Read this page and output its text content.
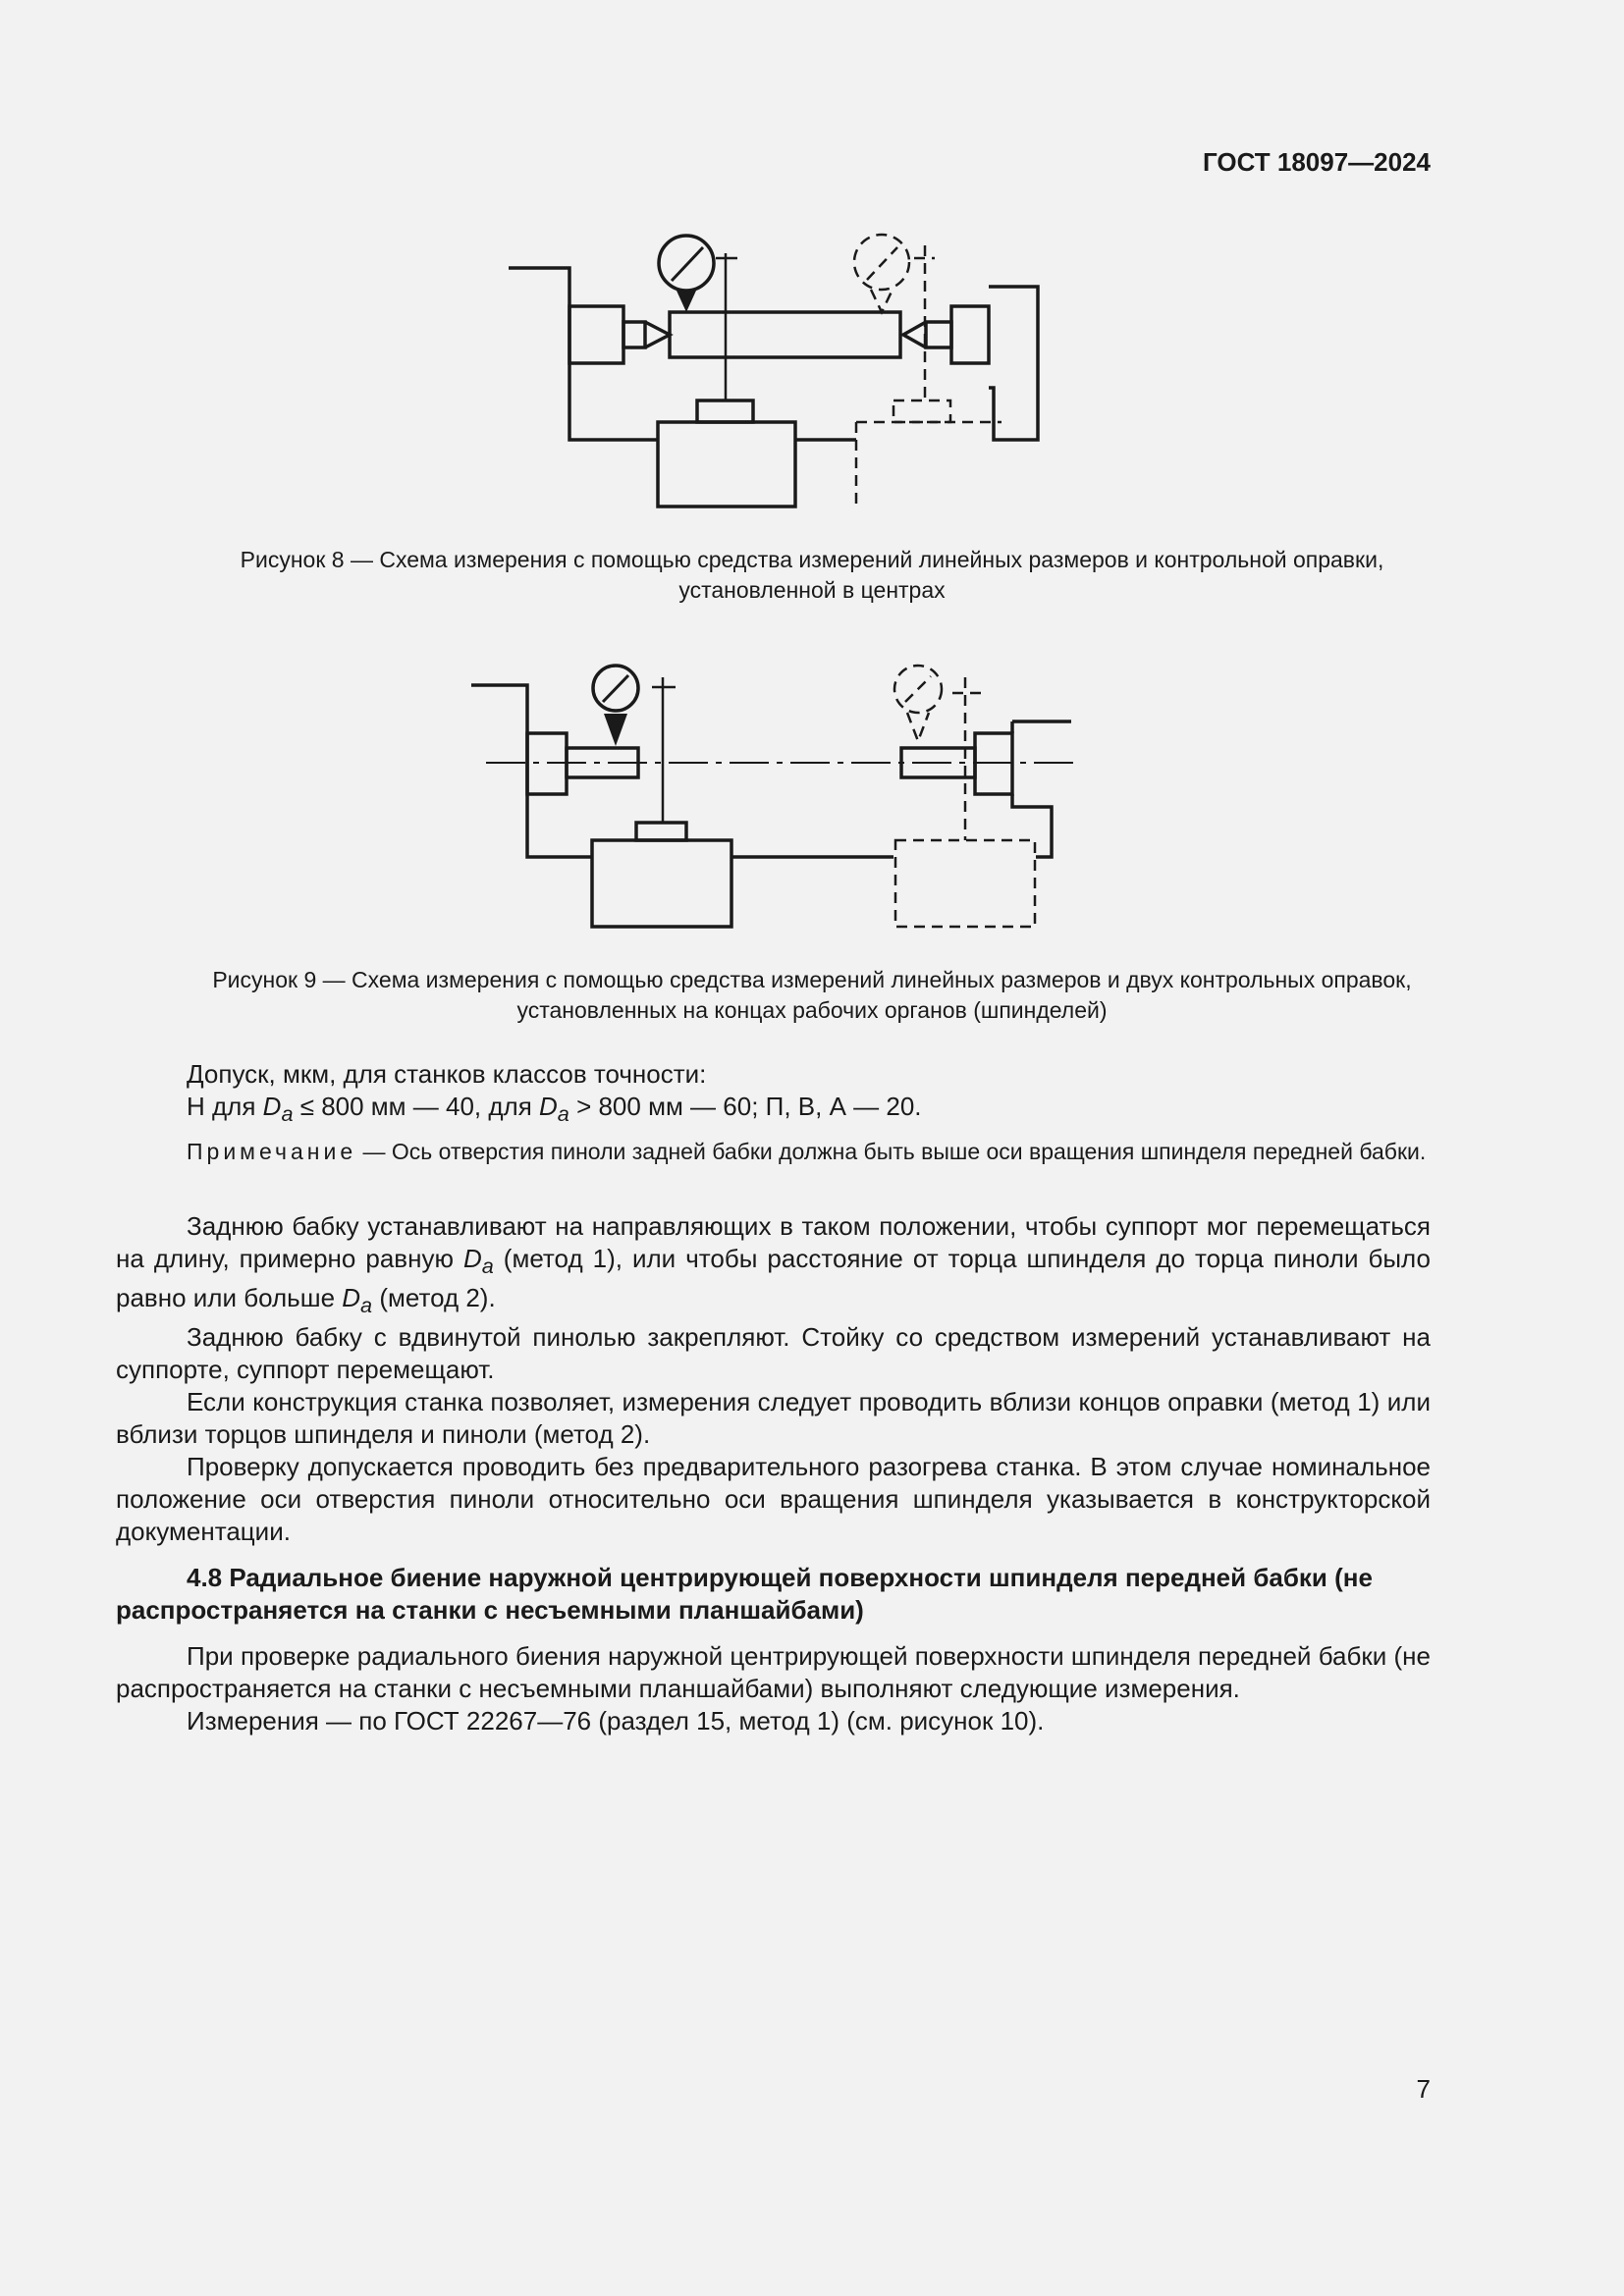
ГОСТ 18097—2024
Рисунок 8 — Схема измерения с помощью средства измерений линейных размеров и контрольной оправки,
установленной в центрах
Рисунок 9 — Схема измерения с помощью средства измерений линейных размеров и двух контрольных оправок,
установленных на концах рабочих органов (шпинделей)

Допуск, мкм, для станков классов точности:

Н для $D_a \le 800$ мм — 40, для $D_a > 800$ мм — 60; П, В, А — 20.

Примечание — Ось отверстия пиноли задней бабки должна быть выше оси вращения шпинделя передней бабки.

Заднюю бабку устанавливают на направляющих в таком положении, чтобы суппорт мог перемещаться на длину, примерно равную $D_a$ (метод 1), или чтобы расстояние от торца шпинделя до торца пиноли было равно или больше $D_a$ (метод 2).

Заднюю бабку с вдвинутой пинолью закрепляют. Стойку со средством измерений устанавливают на суппорте, суппорт перемещают.

Если конструкция станка позволяет, измерения следует проводить вблизи концов оправки (метод 1) или вблизи торцов шпинделя и пиноли (метод 2).

Проверку допускается проводить без предварительного разогрева станка. В этом случае номинальное положение оси отверстия пиноли относительно оси вращения шпинделя указывается в конструкторской документации.

4.8 Радиальное биение наружной центрирующей поверхности шпинделя передней бабки (не распространяется на станки с несъемными планшайбами)

При проверке радиального биения наружной центрирующей поверхности шпинделя передней бабки (не распространяется на станки с несъемными планшайбами) выполняют следующие измерения.

Измерения — по ГОСТ 22267—76 (раздел 15, метод 1) (см. рисунок 10).

7
